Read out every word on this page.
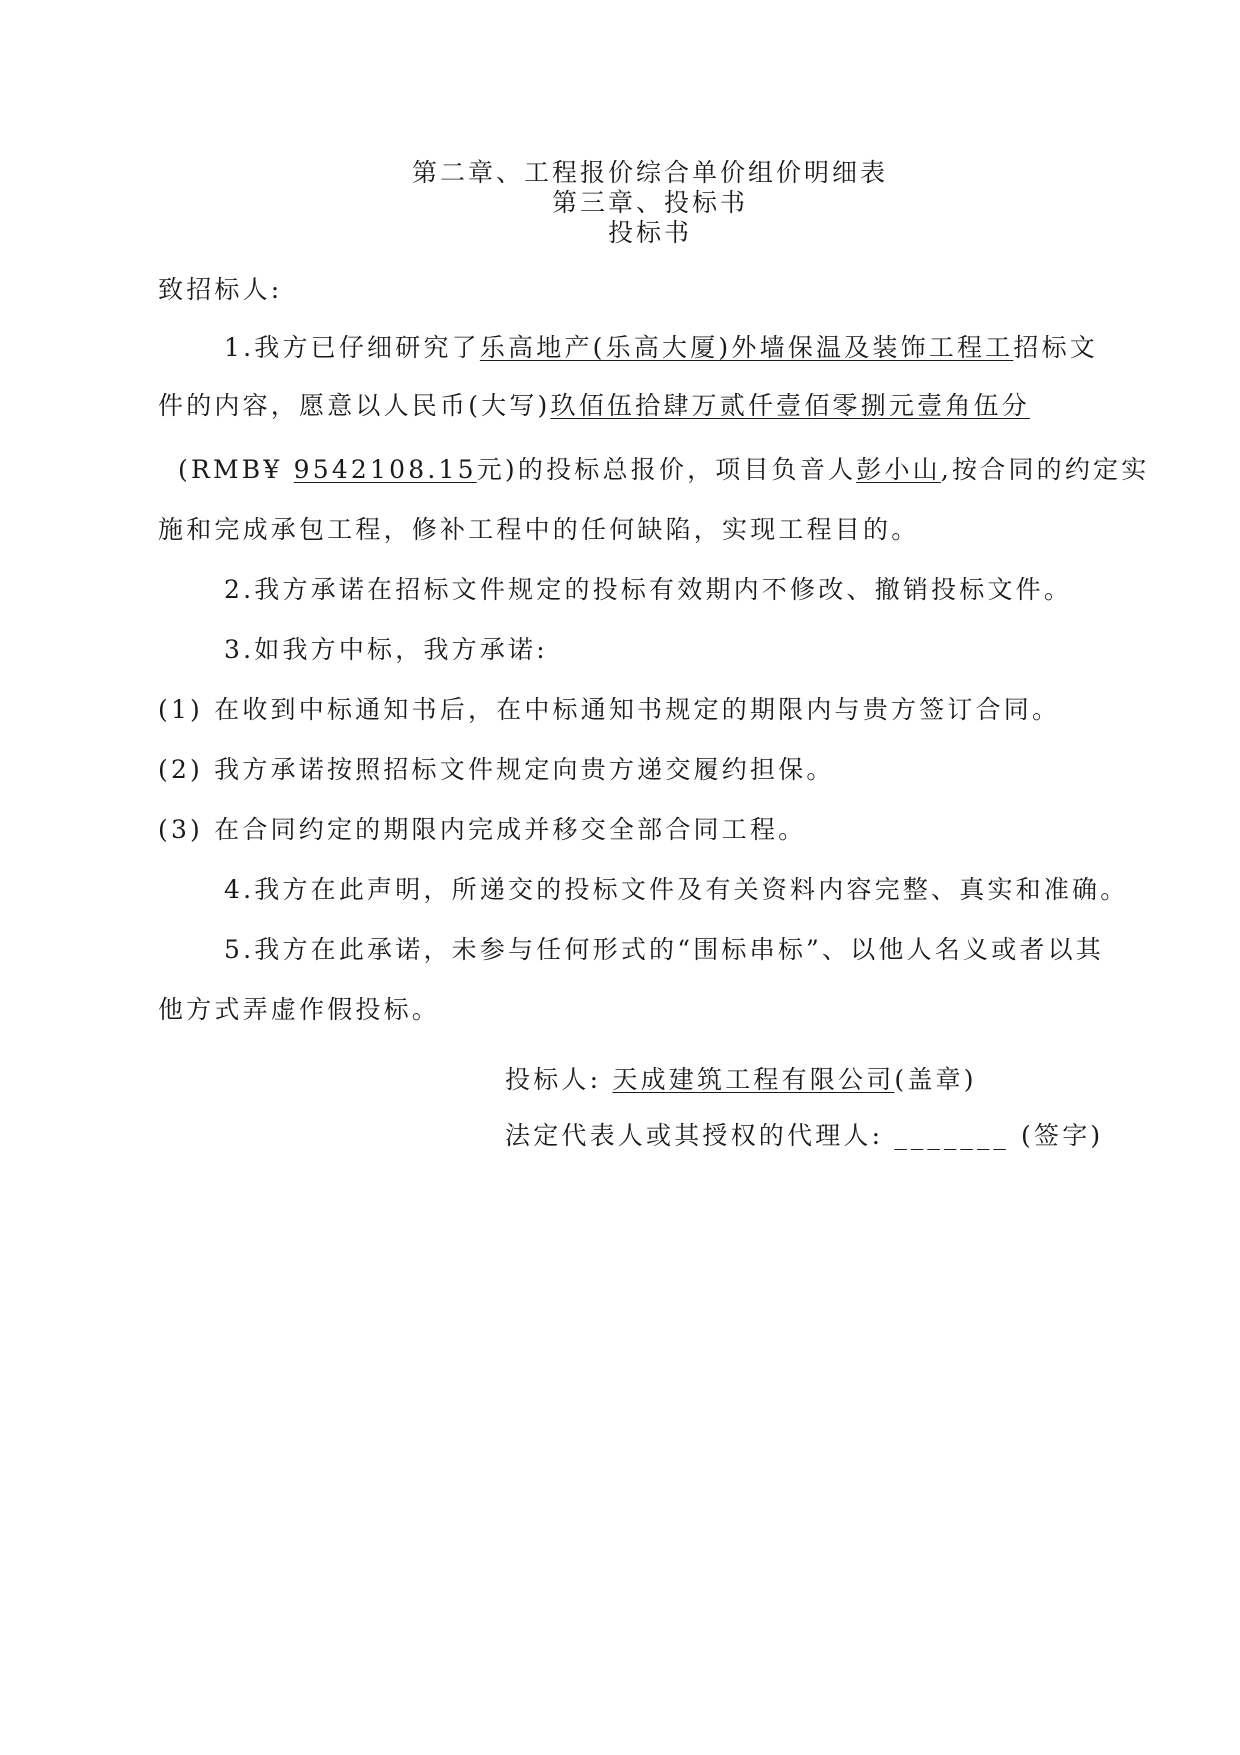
第二章、工程报价综合单价组价明细表
第三章、投标书
投标书
致招标人:
1.我方已仔细研究了乐高地产(乐高大厦)外墙保温及装饰工程工招标文
件的内容，愿意以人民币(大写)玖佰伍拾肆万贰仟壹佰零捌元壹角伍分
(RMB¥ 9542108.15元)的投标总报价，项目负音人彭小山,按合同的约定实
施和完成承包工程，修补工程中的任何缺陷，实现工程目的。
2.我方承诺在招标文件规定的投标有效期内不修改、撤销投标文件。
3.如我方中标，我方承诺:
(1) 在收到中标通知书后，在中标通知书规定的期限内与贵方签订合同。
(2) 我方承诺按照招标文件规定向贵方递交履约担保。
(3) 在合同约定的期限内完成并移交全部合同工程。
4.我方在此声明，所递交的投标文件及有关资料内容完整、真实和准确。
5.我方在此承诺，未参与任何形式的“围标串标”、以他人名义或者以其
他方式弄虚作假投标。
投标人: 天成建筑工程有限公司(盖章)
法定代表人或其授权的代理人: _______ (签字)
